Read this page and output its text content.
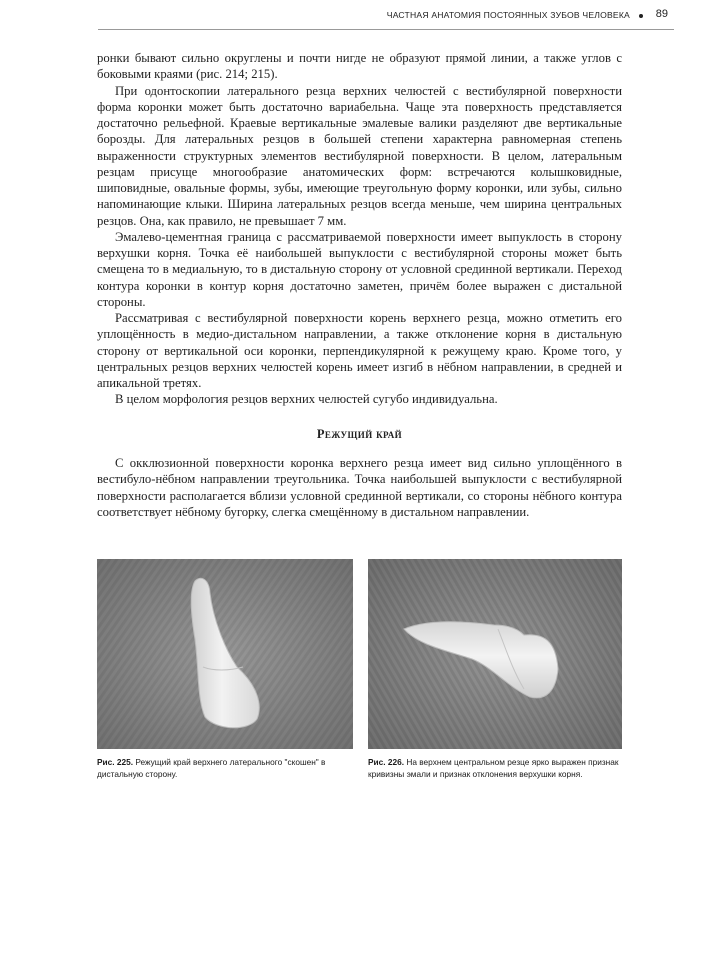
ЧАСТНАЯ АНАТОМИЯ ПОСТОЯННЫХ ЗУБОВ ЧЕЛОВЕКА 89

ронки бывают сильно округлены и почти нигде не образуют прямой линии, а также углов с боковыми краями (рис. 214; 215).

При одонтоскопии латерального резца верхних челюстей с вестибулярной поверхности форма коронки может быть достаточно вариабельна. Чаще эта поверхность представляется достаточно рельефной. Краевые вертикальные эмалевые валики разделяют две вертикальные борозды. Для латеральных резцов в большей степени характерна равномерная степень выраженности структурных элементов вестибулярной поверхности. В целом, латеральным резцам присуще многообразие анатомических форм: встречаются колышковидные, шиповидные, овальные формы, зубы, имеющие треугольную форму коронки, или зубы, сильно напоминающие клыки. Ширина латеральных резцов всегда меньше, чем ширина центральных резцов. Она, как правило, не превышает 7 мм.

Эмалево-цементная граница с рассматриваемой поверхности имеет выпуклость в сторону верхушки корня. Точка её наибольшей выпуклости с вестибулярной стороны может быть смещена то в медиальную, то в дистальную сторону от условной срединной вертикали. Переход контура коронки в контур корня достаточно заметен, причём более выражен с дистальной стороны.

Рассматривая с вестибулярной поверхности корень верхнего резца, можно отметить его уплощённость в медио-дистальном направлении, а также отклонение корня в дистальную сторону от вертикальной оси коронки, перпендикулярной к режущему краю. Кроме того, у центральных резцов верхних челюстей корень имеет изгиб в нёбном направлении, в средней и апикальной третях.

В целом морфология резцов верхних челюстей сугубо индивидуальна.

Режущий край

С окклюзионной поверхности коронка верхнего резца имеет вид сильно уплощённого в вестибуло-нёбном направлении треугольника. Точка наибольшей выпуклости с вестибулярной поверхности располагается вблизи условной срединной вертикали, со стороны нёбного контура соответствует нёбному бугорку, слегка смещённому в дистальном направлении.

Рис. 225. Режущий край верхнего латерального "скошен" в дистальную сторону.
Рис. 226. На верхнем центральном резце ярко выражен признак кривизны эмали и признак отклонения верхушки корня.
